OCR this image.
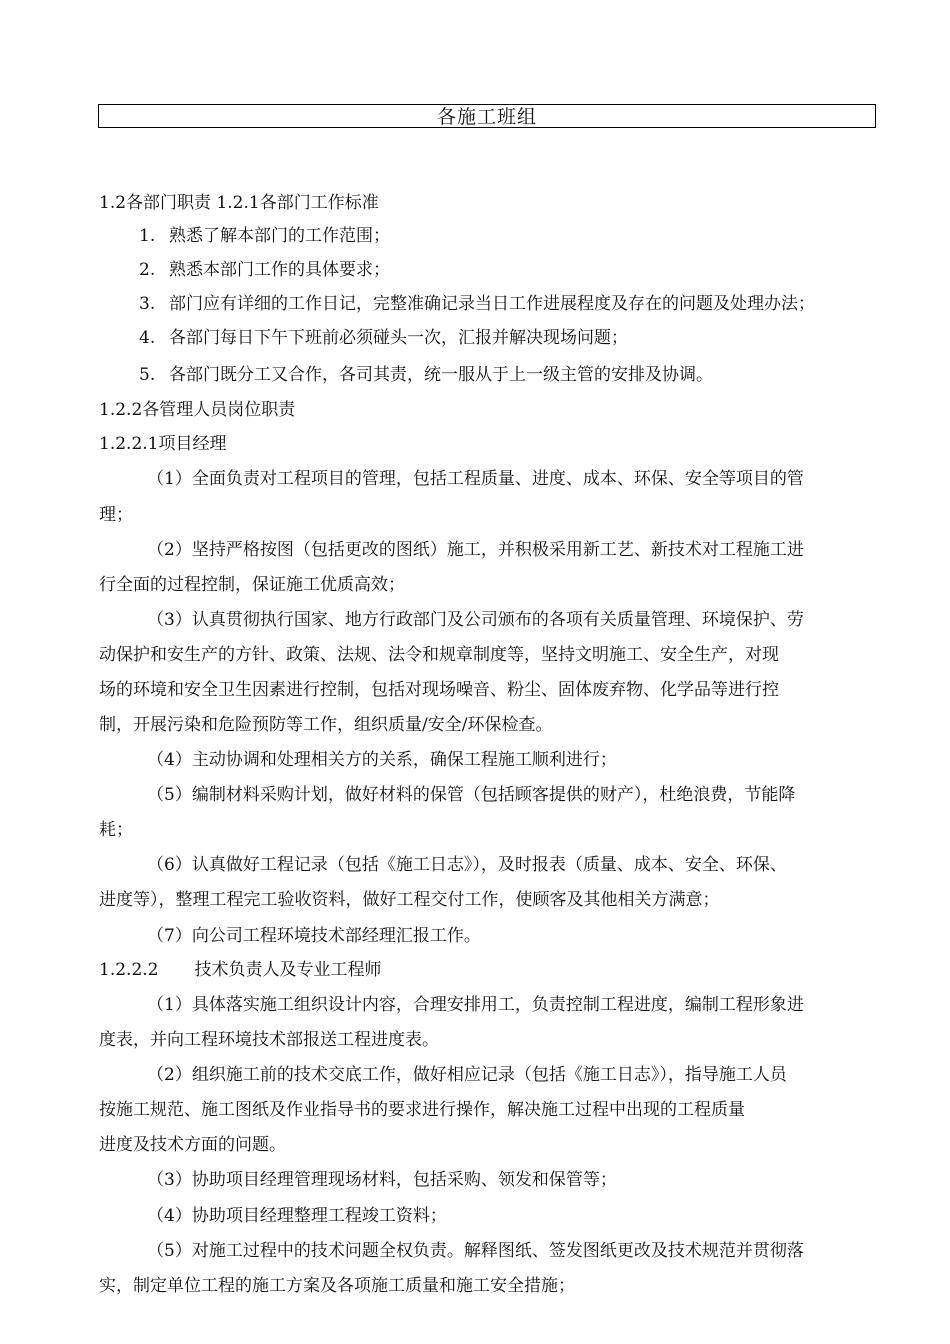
各施工班组
1.2各部门职责 1.2.1各部门工作标准
1. 熟悉了解本部门的工作范围；
2. 熟悉本部门工作的具体要求；
3. 部门应有详细的工作日记，完整准确记录当日工作进展程度及存在的问题及处理办法；
4. 各部门每日下午下班前必须碰头一次，汇报并解决现场问题；
5. 各部门既分工又合作，各司其责，统一服从于上一级主管的安排及协调。
1.2.2各管理人员岗位职责
1.2.2.1项目经理
（1）全面负责对工程项目的管理，包括工程质量、进度、成本、环保、安全等项目的管
理；
（2）坚持严格按图（包括更改的图纸）施工，并积极采用新工艺、新技术对工程施工进
行全面的过程控制，保证施工优质高效；
（3）认真贯彻执行国家、地方行政部门及公司颁布的各项有关质量管理、环境保护、劳
动保护和安生产的方针、政策、法规、法令和规章制度等，坚持文明施工、安全生产，对现
场的环境和安全卫生因素进行控制，包括对现场噪音、粉尘、固体废弃物、化学品等进行控
制，开展污染和危险预防等工作，组织质量/安全/环保检查。
（4）主动协调和处理相关方的关系，确保工程施工顺利进行；
（5）编制材料采购计划，做好材料的保管（包括顾客提供的财产），杜绝浪费，节能降
耗；
（6）认真做好工程记录（包括《施工日志》），及时报表（质量、成本、安全、环保、
进度等），整理工程完工验收资料，做好工程交付工作，使顾客及其他相关方满意；
（7）向公司工程环境技术部经理汇报工作。
1.2.2.2 技术负责人及专业工程师
（1）具体落实施工组织设计内容，合理安排用工，负责控制工程进度，编制工程形象进
度表，并向工程环境技术部报送工程进度表。
（2）组织施工前的技术交底工作，做好相应记录（包括《施工日志》），指导施工人员
按施工规范、施工图纸及作业指导书的要求进行操作，解决施工过程中出现的工程质量
进度及技术方面的问题。
（3）协助项目经理管理现场材料，包括采购、领发和保管等；
（4）协助项目经理整理工程竣工资料；
（5）对施工过程中的技术问题全权负责。解释图纸、签发图纸更改及技术规范并贯彻落
实，制定单位工程的施工方案及各项施工质量和施工安全措施；
